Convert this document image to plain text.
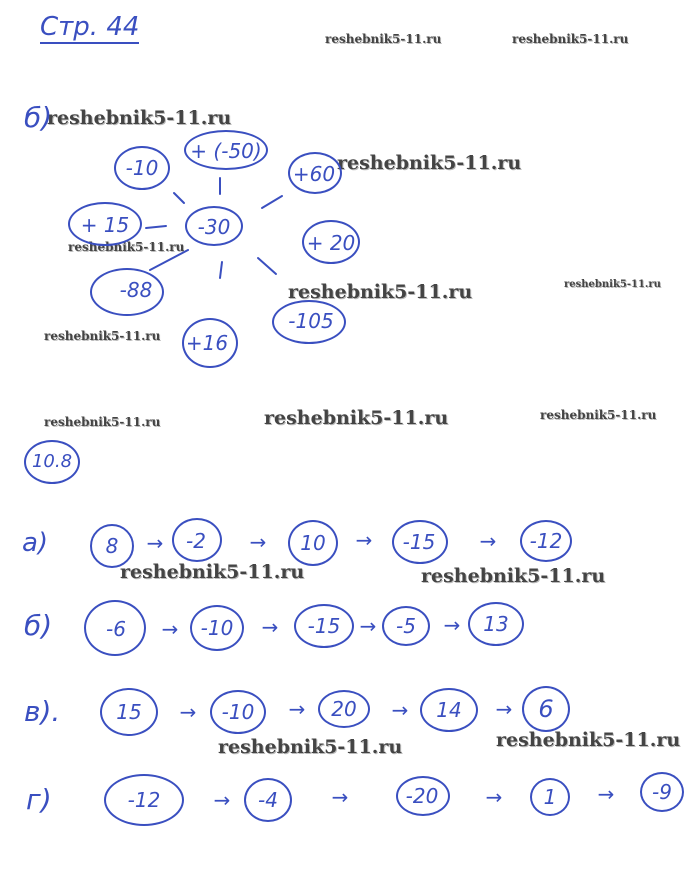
Стр. 44	reshebnik5-11.ru	reshebnik5-11.ru
reshebnik5-11.ru
reshebnik5-11.ru
reshebnik5-11.ru
reshebnik5-11.ru	reshebnik5-11.ru
reshebnik5-11.ru
reshebnik5-11.ru	reshebnik5-11.ru	reshebnik5-11.ru
reshebnik5-11.ru	reshebnik5-11.ru
reshebnik5-11.ru	reshebnik5-11.ru
б)
-30
-10
+ (-50)
+60
+ 15
+ 20
-88
-105
+16
10.8
а)	8 → -2 → 10 → -15 → -12
б)	-6 → -10 → -15 → -5 → 13
в).	15 → -10 → 20 → 14 → 6
г)	-12	→ -4	→	-20 → 1 → -9
